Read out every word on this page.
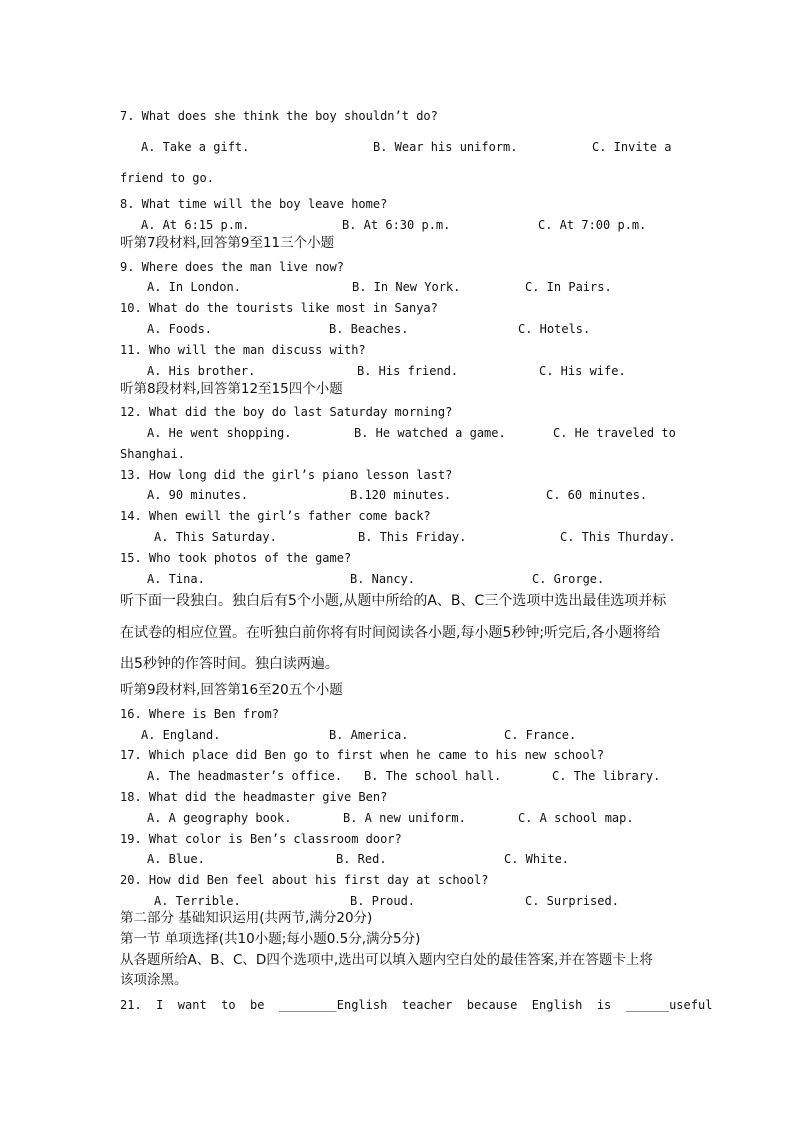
7. What does she think the boy shouldn’t do?
A. Take a gift.	B. Wear his uniform.	C. Invite a
friend to go.
8. What time will the boy leave home?
A. At 6:15 p.m.	B. At 6:30 p.m.	C. At 7:00 p.m.
听第7段材料,回答第9至11三个小题
9. Where does the man live now?
A. In London.	B. In New York.	C. In Pairs.
10. What do the tourists like most in Sanya?
A. Foods.	B. Beaches.	C. Hotels.
11. Who will the man discuss with?
A. His brother.	B. His friend.	C. His wife.
听第8段材料,回答第12至15四个小题
12. What did the boy do last Saturday morning?
A. He went shopping.	B. He watched a game.	C. He traveled to
Shanghai.
13. How long did the girl’s piano lesson last?
A. 90 minutes.	B.120 minutes.	C. 60 minutes.
14. When ewill the girl’s father come back?
A. This Saturday.	B. This Friday.	C. This Thurday.
15. Who took photos of the game?
A. Tina.	B. Nancy.	C. Grorge.
听下面一段独白。独白后有5个小题,从题中所给的A、B、C三个选项中选出最佳选项并标
在试卷的相应位置。在听独白前你将有时间阅读各小题,每小题5秒钟;听完后,各小题将给
出5秒钟的作答时间。独白读两遍。
听第9段材料,回答第16至20五个小题
16. Where is Ben from?
A. England.	B. America.	C. France.
17. Which place did Ben go to first when he came to his new school?
A. The headmaster’s office. B. The school hall.	C. The library.
18. What did the headmaster give Ben?
A. A geography book.	B. A new uniform.	C. A school map.
19. What color is Ben’s classroom door?
A. Blue.	B. Red.	C. White.
20. How did Ben feel about his first day at school?
A. Terrible.	B. Proud.	C. Surprised.
第二部分 基础知识运用(共两节,满分20分)
第一节 单项选择(共10小题;每小题0.5分,满分5分)
从各题所给A、B、C、D四个选项中,选出可以填入题内空白处的最佳答案,并在答题卡上将
该项涂黑。
21.  I  want  to  be  ________English  teacher  because  English  is  ______useful
